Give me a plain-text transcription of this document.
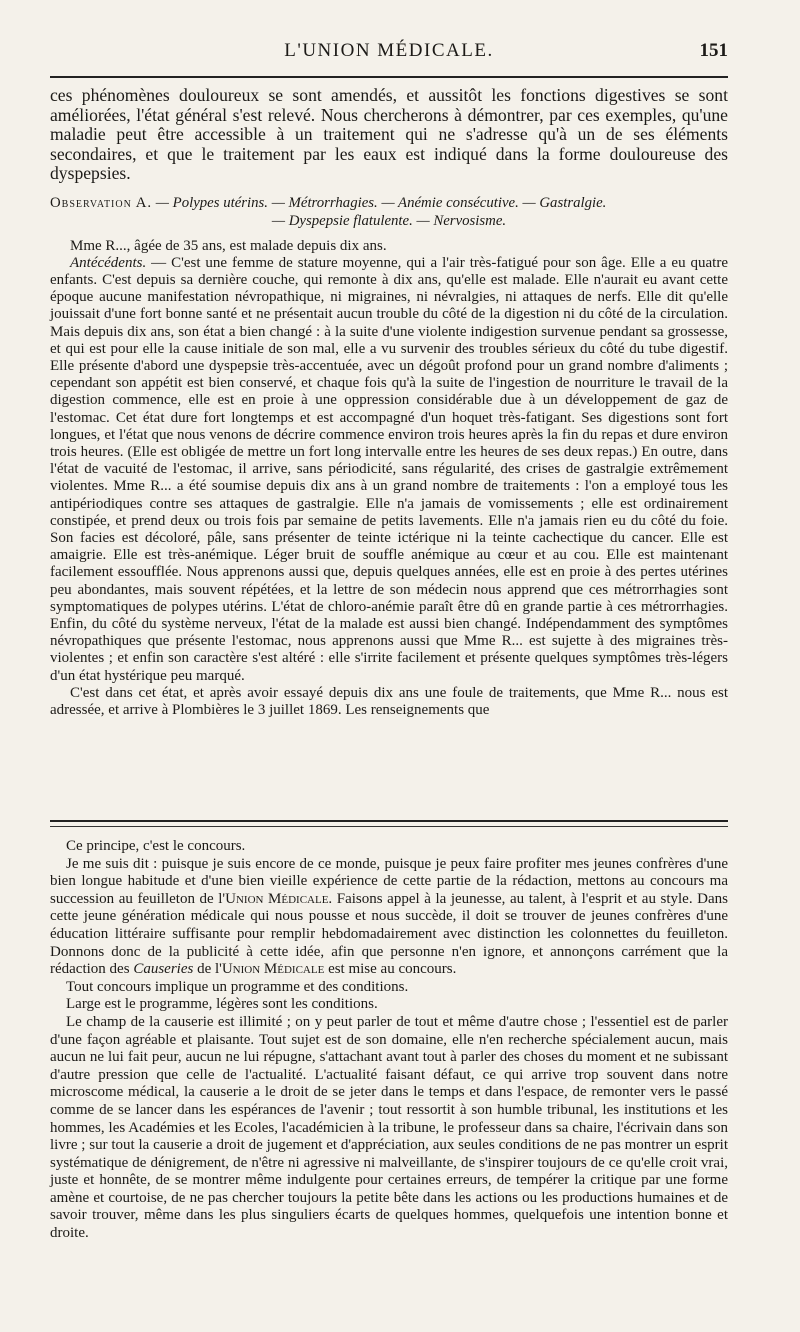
L'UNION MÉDICALE.	151

ces phénomènes douloureux se sont amendés, et aussitôt les fonctions digestives se sont améliorées, l'état général s'est relevé. Nous chercherons à démontrer, par ces exemples, qu'une maladie peut être accessible à un traitement qui ne s'adresse qu'à un de ses éléments secondaires, et que le traitement par les eaux est indiqué dans la forme douloureuse des dyspepsies.

Observation A. — Polypes utérins. — Métrorrhagies. — Anémie consécutive. — Gastralgie.
— Dyspepsie flatulente. — Nervosisme.

Mme R..., âgée de 35 ans, est malade depuis dix ans.

Antécédents. — C'est une femme de stature moyenne, qui a l'air très-fatigué pour son âge. Elle a eu quatre enfants. C'est depuis sa dernière couche, qui remonte à dix ans, qu'elle est malade. Elle n'aurait eu avant cette époque aucune manifestation névropathique, ni migraines, ni névralgies, ni attaques de nerfs. Elle dit qu'elle jouissait d'une fort bonne santé et ne présentait aucun trouble du côté de la digestion ni du côté de la circulation. Mais depuis dix ans, son état a bien changé : à la suite d'une violente indigestion survenue pendant sa grossesse, et qui est pour elle la cause initiale de son mal, elle a vu survenir des troubles sérieux du côté du tube digestif. Elle présente d'abord une dyspepsie très-accentuée, avec un dégoût profond pour un grand nombre d'aliments ; cependant son appétit est bien conservé, et chaque fois qu'à la suite de l'ingestion de nourriture le travail de la digestion commence, elle est en proie à une oppression considérable due à un développement de gaz de l'estomac. Cet état dure fort longtemps et est accompagné d'un hoquet très-fatigant. Ses digestions sont fort longues, et l'état que nous venons de décrire commence environ trois heures après la fin du repas et dure environ trois heures. (Elle est obligée de mettre un fort long intervalle entre les heures de ses deux repas.) En outre, dans l'état de vacuité de l'estomac, il arrive, sans périodicité, sans régularité, des crises de gastralgie extrêmement violentes. Mme R... a été soumise depuis dix ans à un grand nombre de traitements : l'on a employé tous les antipériodiques contre ses attaques de gastralgie. Elle n'a jamais de vomissements ; elle est ordinairement constipée, et prend deux ou trois fois par semaine de petits lavements. Elle n'a jamais rien eu du côté du foie. Son facies est décoloré, pâle, sans présenter de teinte ictérique ni la teinte cachectique du cancer. Elle est amaigrie. Elle est très-anémique. Léger bruit de souffle anémique au cœur et au cou. Elle est maintenant facilement essoufflée. Nous apprenons aussi que, depuis quelques années, elle est en proie à des pertes utérines peu abondantes, mais souvent répétées, et la lettre de son médecin nous apprend que ces métrorrhagies sont symptomatiques de polypes utérins. L'état de chloro-anémie paraît être dû en grande partie à ces métrorrhagies. Enfin, du côté du système nerveux, l'état de la malade est aussi bien changé. Indépendamment des symptômes névropathiques que présente l'estomac, nous apprenons aussi que Mme R... est sujette à des migraines très-violentes ; et enfin son caractère s'est altéré : elle s'irrite facilement et présente quelques symptômes très-légers d'un état hystérique peu marqué.

C'est dans cet état, et après avoir essayé depuis dix ans une foule de traitements, que Mme R... nous est adressée, et arrive à Plombières le 3 juillet 1869. Les renseignements que

Ce principe, c'est le concours.

Je me suis dit : puisque je suis encore de ce monde, puisque je peux faire profiter mes jeunes confrères d'une bien longue habitude et d'une bien vieille expérience de cette partie de la rédaction, mettons au concours ma succession au feuilleton de l'Union Médicale. Faisons appel à la jeunesse, au talent, à l'esprit et au style. Dans cette jeune génération médicale qui nous pousse et nous succède, il doit se trouver de jeunes confrères d'une éducation littéraire suffisante pour remplir hebdomadairement avec distinction les colonnettes du feuilleton. Donnons donc de la publicité à cette idée, afin que personne n'en ignore, et annonçons carrément que la rédaction des Causeries de l'Union Médicale est mise au concours.

Tout concours implique un programme et des conditions.

Large est le programme, légères sont les conditions.

Le champ de la causerie est illimité ; on y peut parler de tout et même d'autre chose ; l'essentiel est de parler d'une façon agréable et plaisante. Tout sujet est de son domaine, elle n'en recherche spécialement aucun, mais aucun ne lui fait peur, aucun ne lui répugne, s'attachant avant tout à parler des choses du moment et ne subissant d'autre pression que celle de l'actualité. L'actualité faisant défaut, ce qui arrive trop souvent dans notre microscome médical, la causerie a le droit de se jeter dans le temps et dans l'espace, de remonter vers le passé comme de se lancer dans les espérances de l'avenir ; tout ressortit à son humble tribunal, les institutions et les hommes, les Académies et les Ecoles, l'académicien à la tribune, le professeur dans sa chaire, l'écrivain dans son livre ; sur tout la causerie a droit de jugement et d'appréciation, aux seules conditions de ne pas montrer un esprit systématique de dénigrement, de n'être ni agressive ni malveillante, de s'inspirer toujours de ce qu'elle croit vrai, juste et honnête, de se montrer même indulgente pour certaines erreurs, de tempérer la critique par une forme amène et courtoise, de ne pas chercher toujours la petite bête dans les actions ou les productions humaines et de savoir trouver, même dans les plus singuliers écarts de quelques hommes, quelquefois une intention bonne et droite.
